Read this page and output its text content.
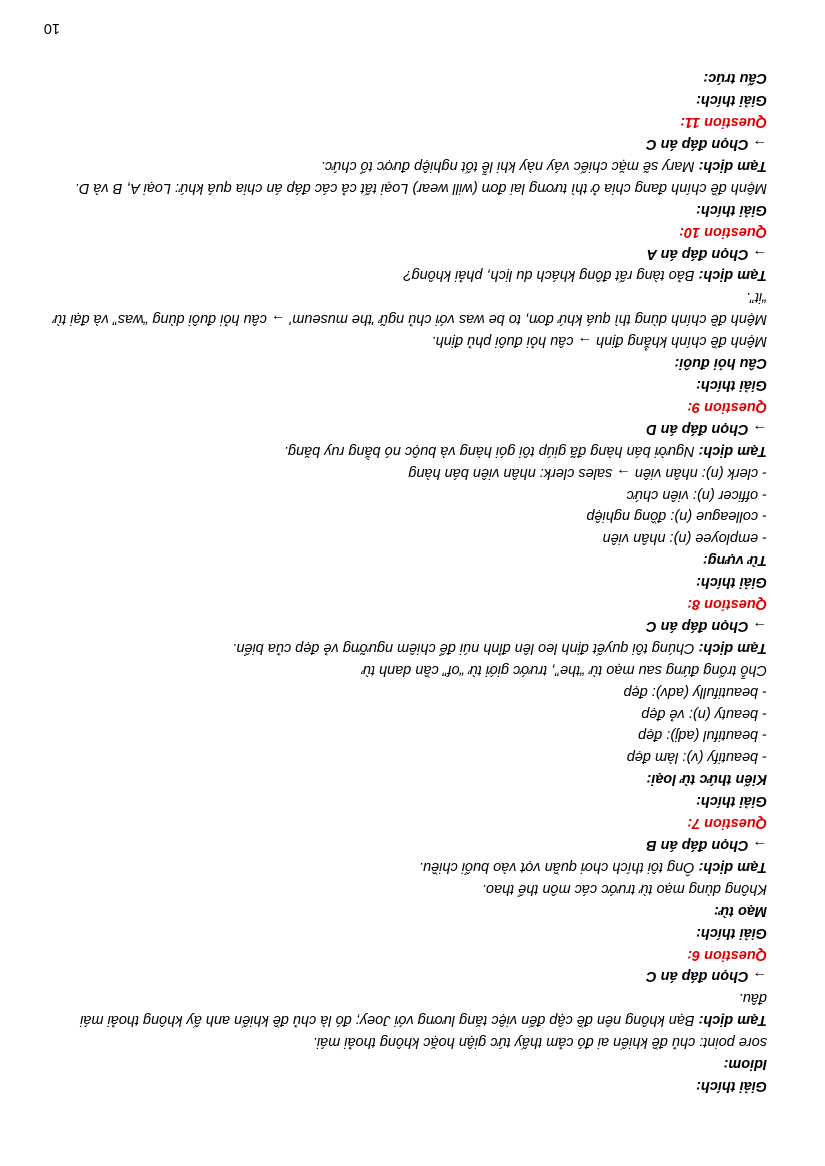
Giải thích:

Idiom:

sore point: chủ đề khiến ai đó cảm thấy tức giận hoặc không thoải mái.

Tạm dịch: Bạn không nên đề cập đến việc tăng lương với Joey; đó là chủ đề khiến anh ấy không thoải mái đâu.

→ Chọn đáp án C

Question 6:

Giải thích:

Mạo từ:

Không dùng mạo từ trước các môn thể thao.

Tạm dịch: Ông tôi thích chơi quần vợt vào buổi chiều.

→ Chọn đáp án B

Question 7:

Giải thích:

Kiến thức từ loại:

- beautify (v): làm đẹp

- beautiful (adj): đẹp

- beauty (n): vẻ đẹp

- beautifully (adv): đẹp

Chỗ trống đứng sau mạo từ “the”, trước giới từ “of” cần danh từ

Tạm dịch: Chúng tôi quyết định leo lên đỉnh núi để chiêm ngưỡng vẻ đẹp của biển.

→ Chọn đáp án C

Question 8:

Giải thích:

Từ vựng:

- employee (n): nhân viên

- colleague (n): đồng nghiệp

- officer (n): viên chức

- clerk (n): nhân viên → sales clerk: nhân viên bán hàng

Tạm dịch: Người bán hàng đã giúp tôi gói hàng và buộc nó bằng ruy băng.

→ Chọn đáp án D

Question 9:

Giải thích:

Câu hỏi đuôi:

Mệnh đề chính khẳng định → câu hỏi đuôi phủ định.

Mệnh đề chính dùng thì quá khứ đơn, to be was với chủ ngữ 'the museum' → câu hỏi đuôi dùng “was” và đại từ “it”.

Tạm dịch: Bảo tàng rất đông khách du lịch, phải không?

→ Chọn đáp án A

Question 10:

Giải thích:

Mệnh đề chính đang chia ở thì tương lai đơn (will wear) Loại tất cả các đáp án chia quá khứ: Loại A, B và D.

Tạm dịch: Mary sẽ mặc chiếc váy này khi lễ tốt nghiệp được tổ chức.

→ Chọn đáp án C

Question 11:

Giải thích:

Cấu trúc:

10
